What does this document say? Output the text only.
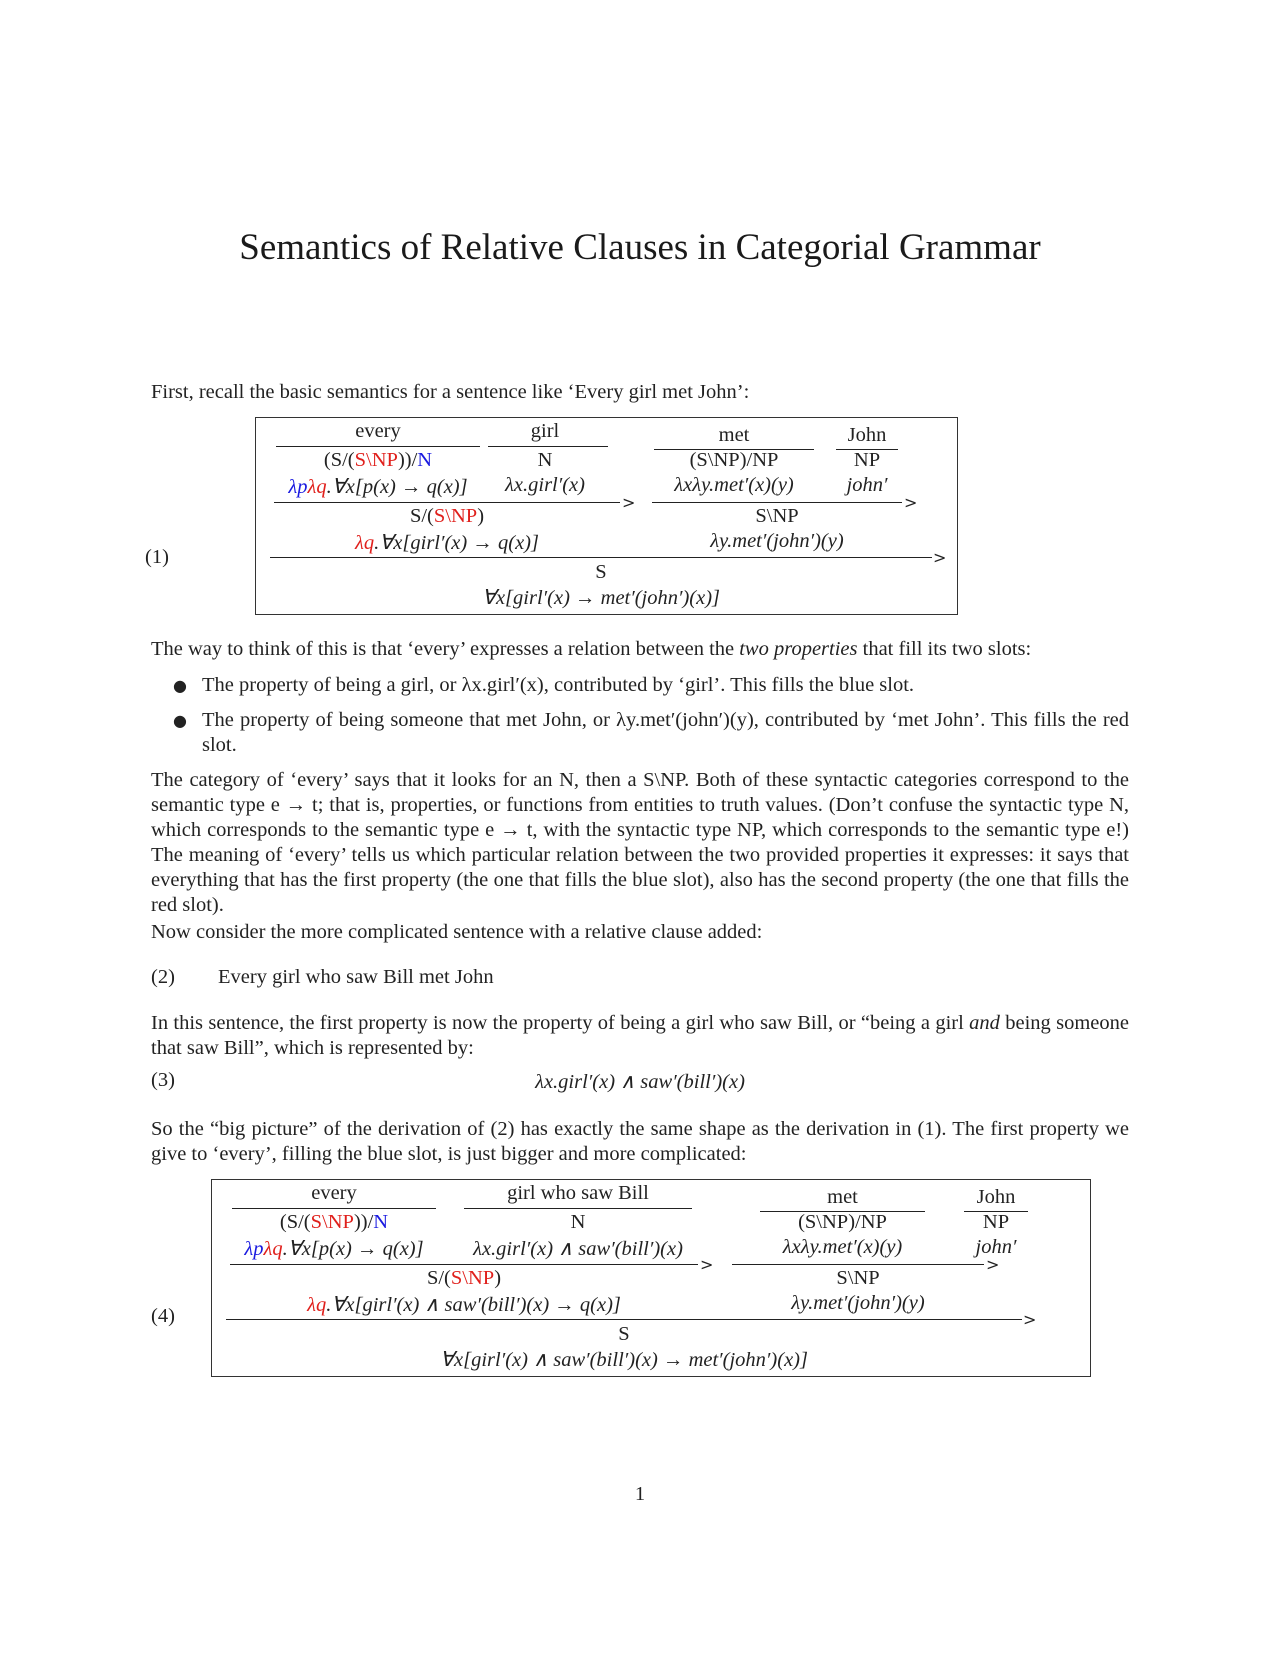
Semantics of Relative Clauses in Categorial Grammar
First, recall the basic semantics for a sentence like ‘Every girl met John’:
(1)
every	girl	met	John
(S/(S\NP))/N	N	(S\NP)/NP	NP
λpλq.∀x[p(x) → q(x)]	λx.girl′(x)	λxλy.met′(x)(y)	john′
>	>
S/(S\NP)
λq.∀x[girl′(x) → q(x)]
S\NP
λy.met′(john′)(y)
>
S
∀x[girl′(x) → met′(john′)(x)]
The way to think of this is that ‘every’ expresses a relation between the two properties that fill its two slots:
● The property of being a girl, or λx.girl′(x), contributed by ‘girl’. This fills the blue slot.
● The property of being someone that met John, or λy.met′(john′)(y), contributed by ‘met John’. This fills the red slot.
The category of ‘every’ says that it looks for an N, then a S\NP. Both of these syntactic categories correspond to the semantic type e → t; that is, properties, or functions from entities to truth values. (Don’t confuse the syntactic type N, which corresponds to the semantic type e → t, with the syntactic type NP, which corresponds to the semantic type e!) The meaning of ‘every’ tells us which particular relation between the two provided properties it expresses: it says that everything that has the first property (the one that fills the blue slot), also has the second property (the one that fills the red slot).
Now consider the more complicated sentence with a relative clause added:
(2) Every girl who saw Bill met John
In this sentence, the first property is now the property of being a girl who saw Bill, or “being a girl and being someone that saw Bill”, which is represented by:
(3)	λx.girl′(x) ∧ saw′(bill′)(x)
So the “big picture” of the derivation of (2) has exactly the same shape as the derivation in (1). The first property we give to ‘every’, filling the blue slot, is just bigger and more complicated:
(4)
every	girl who saw Bill	met	John
(S/(S\NP))/N	N	(S\NP)/NP	NP
λpλq.∀x[p(x) → q(x)]	λx.girl′(x) ∧ saw′(bill′)(x)	λxλy.met′(x)(y)	john′
>	>
S/(S\NP)
λq.∀x[girl′(x) ∧ saw′(bill′)(x) → q(x)]
S\NP
λy.met′(john′)(y)
>
S
∀x[girl′(x) ∧ saw′(bill′)(x) → met′(john′)(x)]
1
